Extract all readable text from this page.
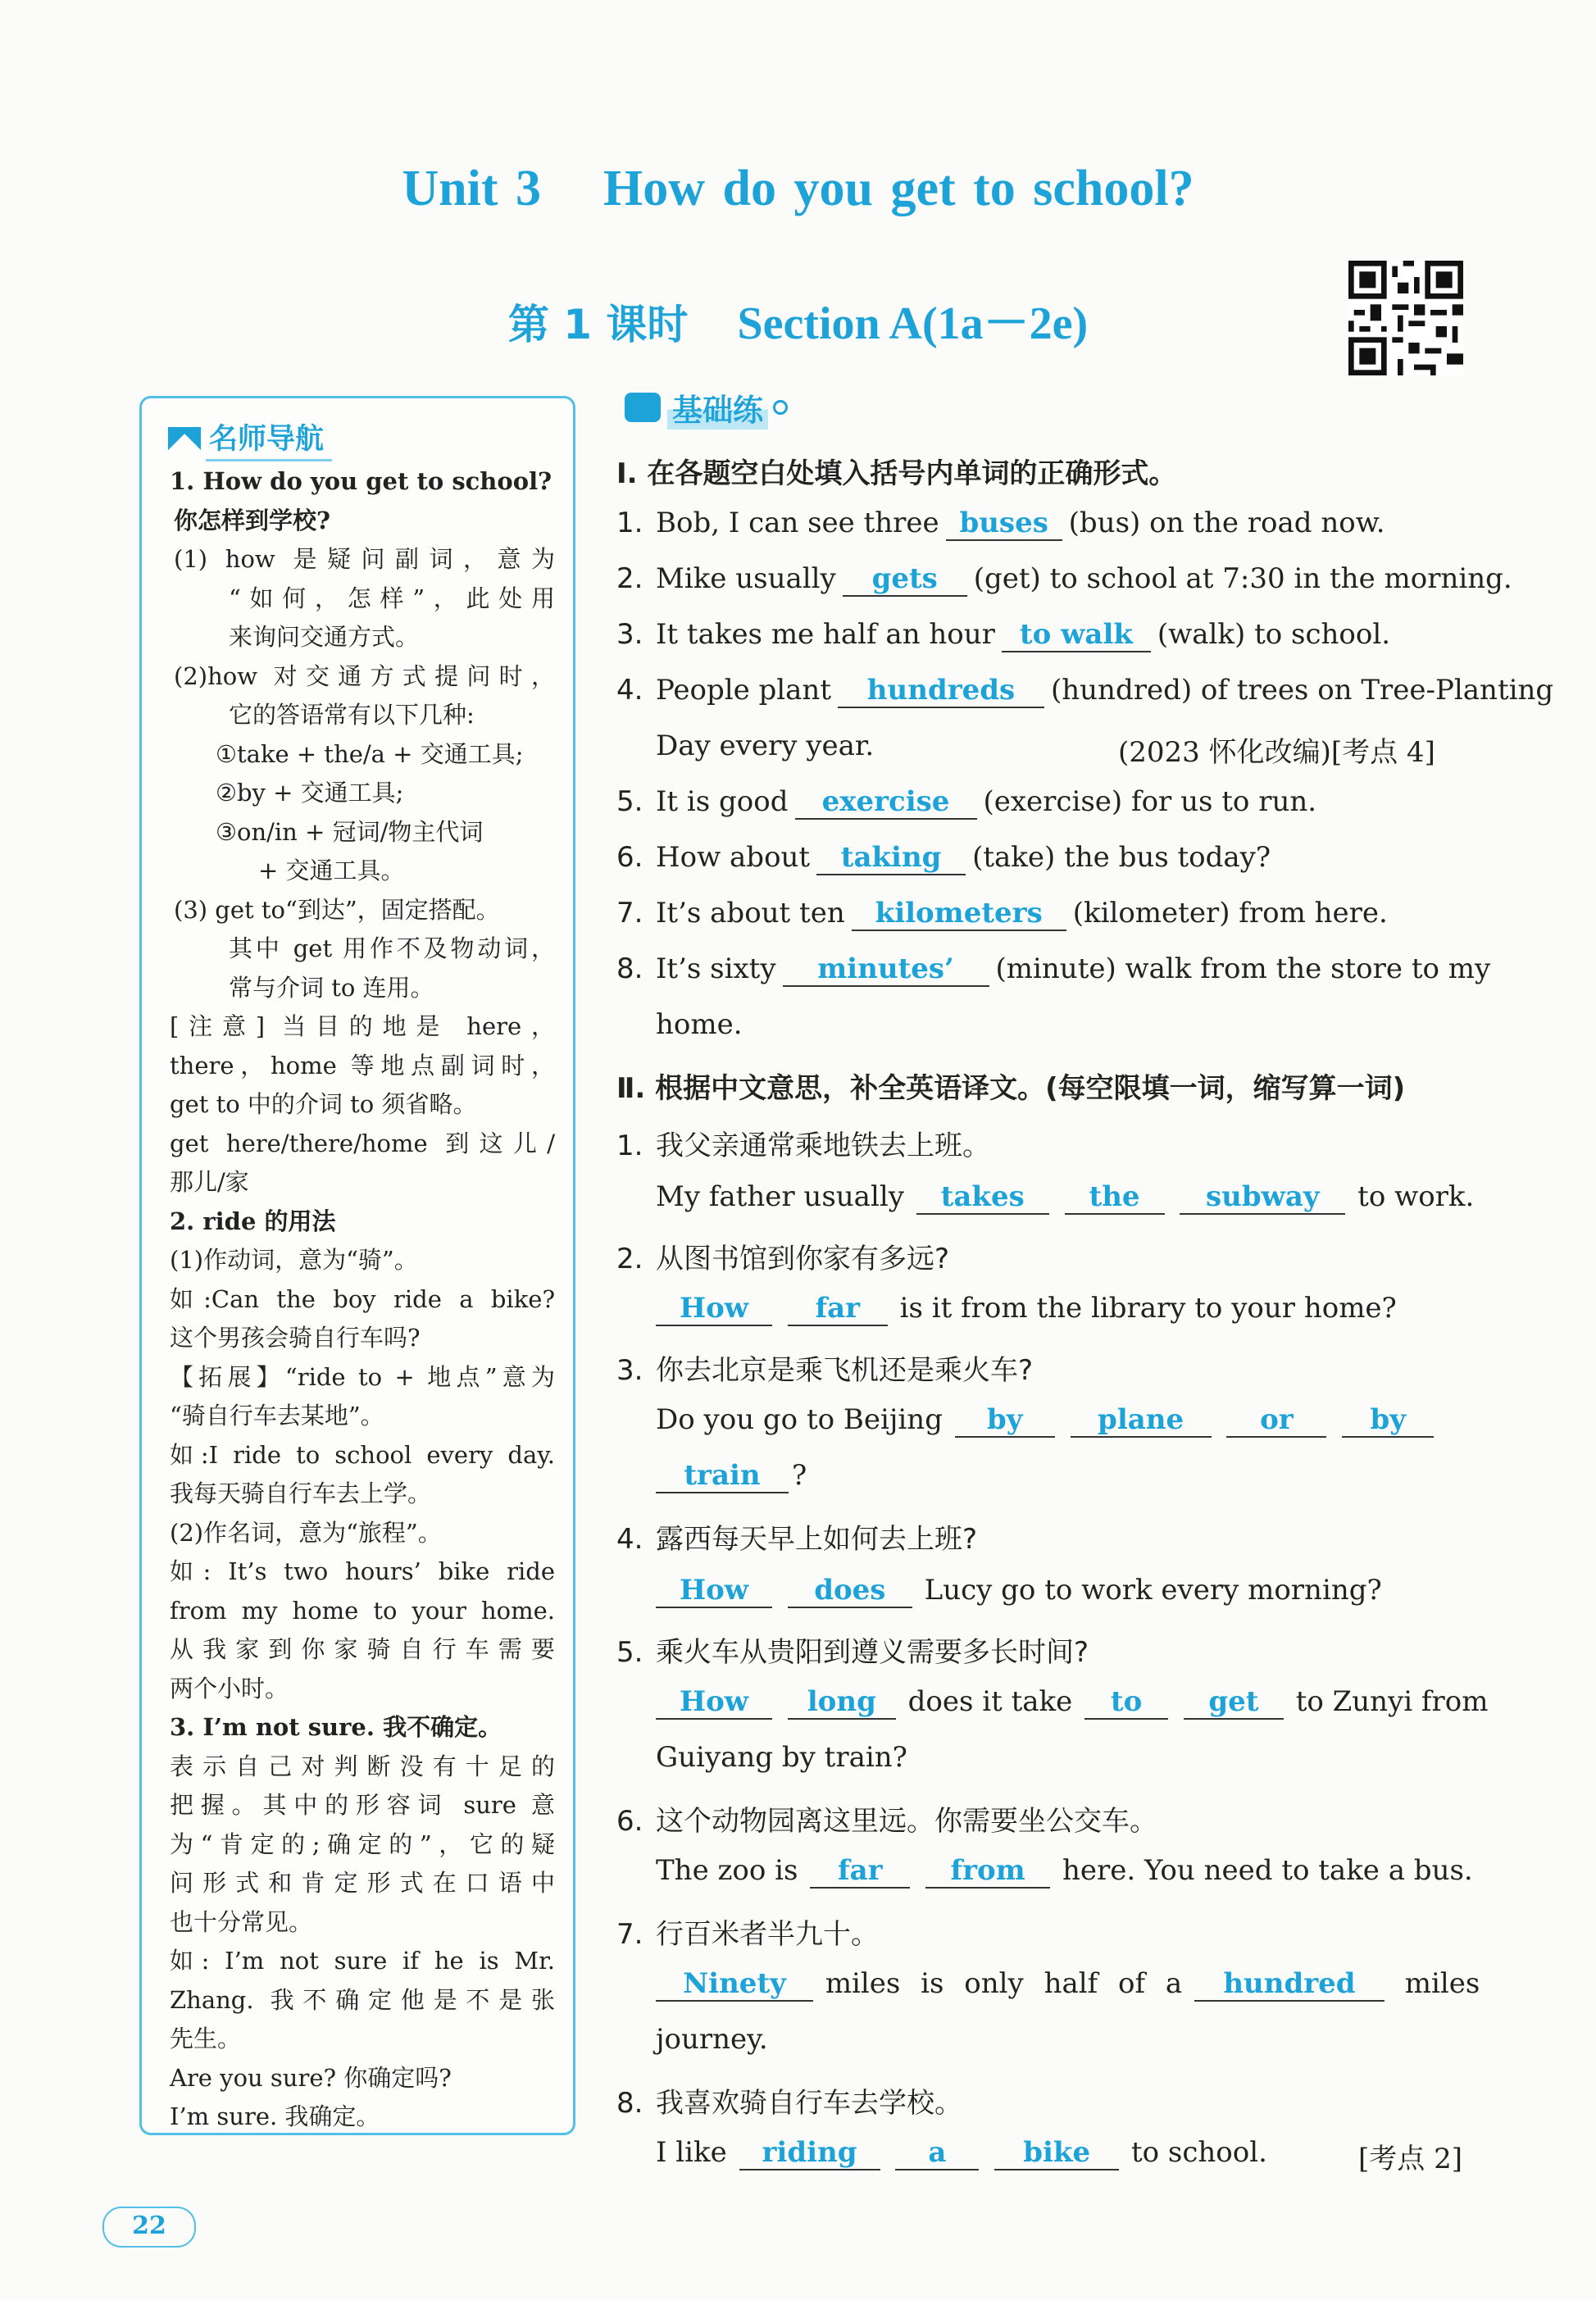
Unit 3 How do you get to school?
第 1 课时 Section A(1a－2e)
名师导航

1. How do you get to school?

你怎样到学校?

(1) how 是疑问副词，意为

“如何，怎样”，此处用

来询问交通方式。

(2)how 对交通方式提问时，

它的答语常有以下几种:

①take + the/a + 交通工具;

②by + 交通工具;

③on/in + 冠词/物主代词

+ 交通工具。

(3) get to“到达”，固定搭配。

其中 get 用作不及物动词，

常与介词 to 连用。

[注意] 当目的地是 here，

there，home 等地点副词时，

get to 中的介词 to 须省略。

get here/there/home 到这儿/

那儿/家

2. ride 的用法

(1)作动词，意为“骑”。

如:Can the boy ride a bike?

这个男孩会骑自行车吗?

【拓展】“ride to + 地点”意为

“骑自行车去某地”。

如:I ride to school every day.

我每天骑自行车去上学。

(2)作名词，意为“旅程”。

如: It’s two hours’ bike ride

from my home to your home.

从我家到你家骑自行车需要

两个小时。

3. I’m not sure. 我不确定。

表示自己对判断没有十足的

把握。其中的形容词 sure 意

为“肯定的;确定的”，它的疑

问形式和肯定形式在口语中

也十分常见。

如: I’m not sure if he is Mr.

Zhang. 我不确定他是不是张

先生。

Are you sure? 你确定吗?

I’m sure. 我确定。

基础练
Ⅰ. 在各题空白处填入括号内单词的正确形式。
1. Bob, I can see three buses (bus) on the road now.
2. Mike usually gets (get) to school at 7:30 in the morning.
3. It takes me half an hour to walk (walk) to school.
4. People plant hundreds (hundred) of trees on Tree-Planting
Day every year.	(2023 怀化改编)[考点 4]
5. It is good exercise (exercise) for us to run.
6. How about taking (take) the bus today?
7. It’s about ten kilometers (kilometer) from here.
8. It’s sixty minutes’ (minute) walk from the store to my
home.
Ⅱ. 根据中文意思，补全英语译文。(每空限填一词，缩写算一词)
1. 我父亲通常乘地铁去上班。
My father usually takes the subway to work.
2. 从图书馆到你家有多远?
How far is it from the library to your home?
3. 你去北京是乘飞机还是乘火车?
Do you go to Beijing by	plane	or	by
train ?
4. 露西每天早上如何去上班?
How does Lucy go to work every morning?
5. 乘火车从贵阳到遵义需要多长时间?
How long does it take to get to Zunyi from
Guiyang by train?
6. 这个动物园离这里远。你需要坐公交车。
The zoo is far from here. You need to take a bus.
7. 行百米者半九十。
Ninety miles is only half of a hundred miles
journey.
8. 我喜欢骑自行车去学校。
I like riding	a	bike to school.	[考点 2]
22
